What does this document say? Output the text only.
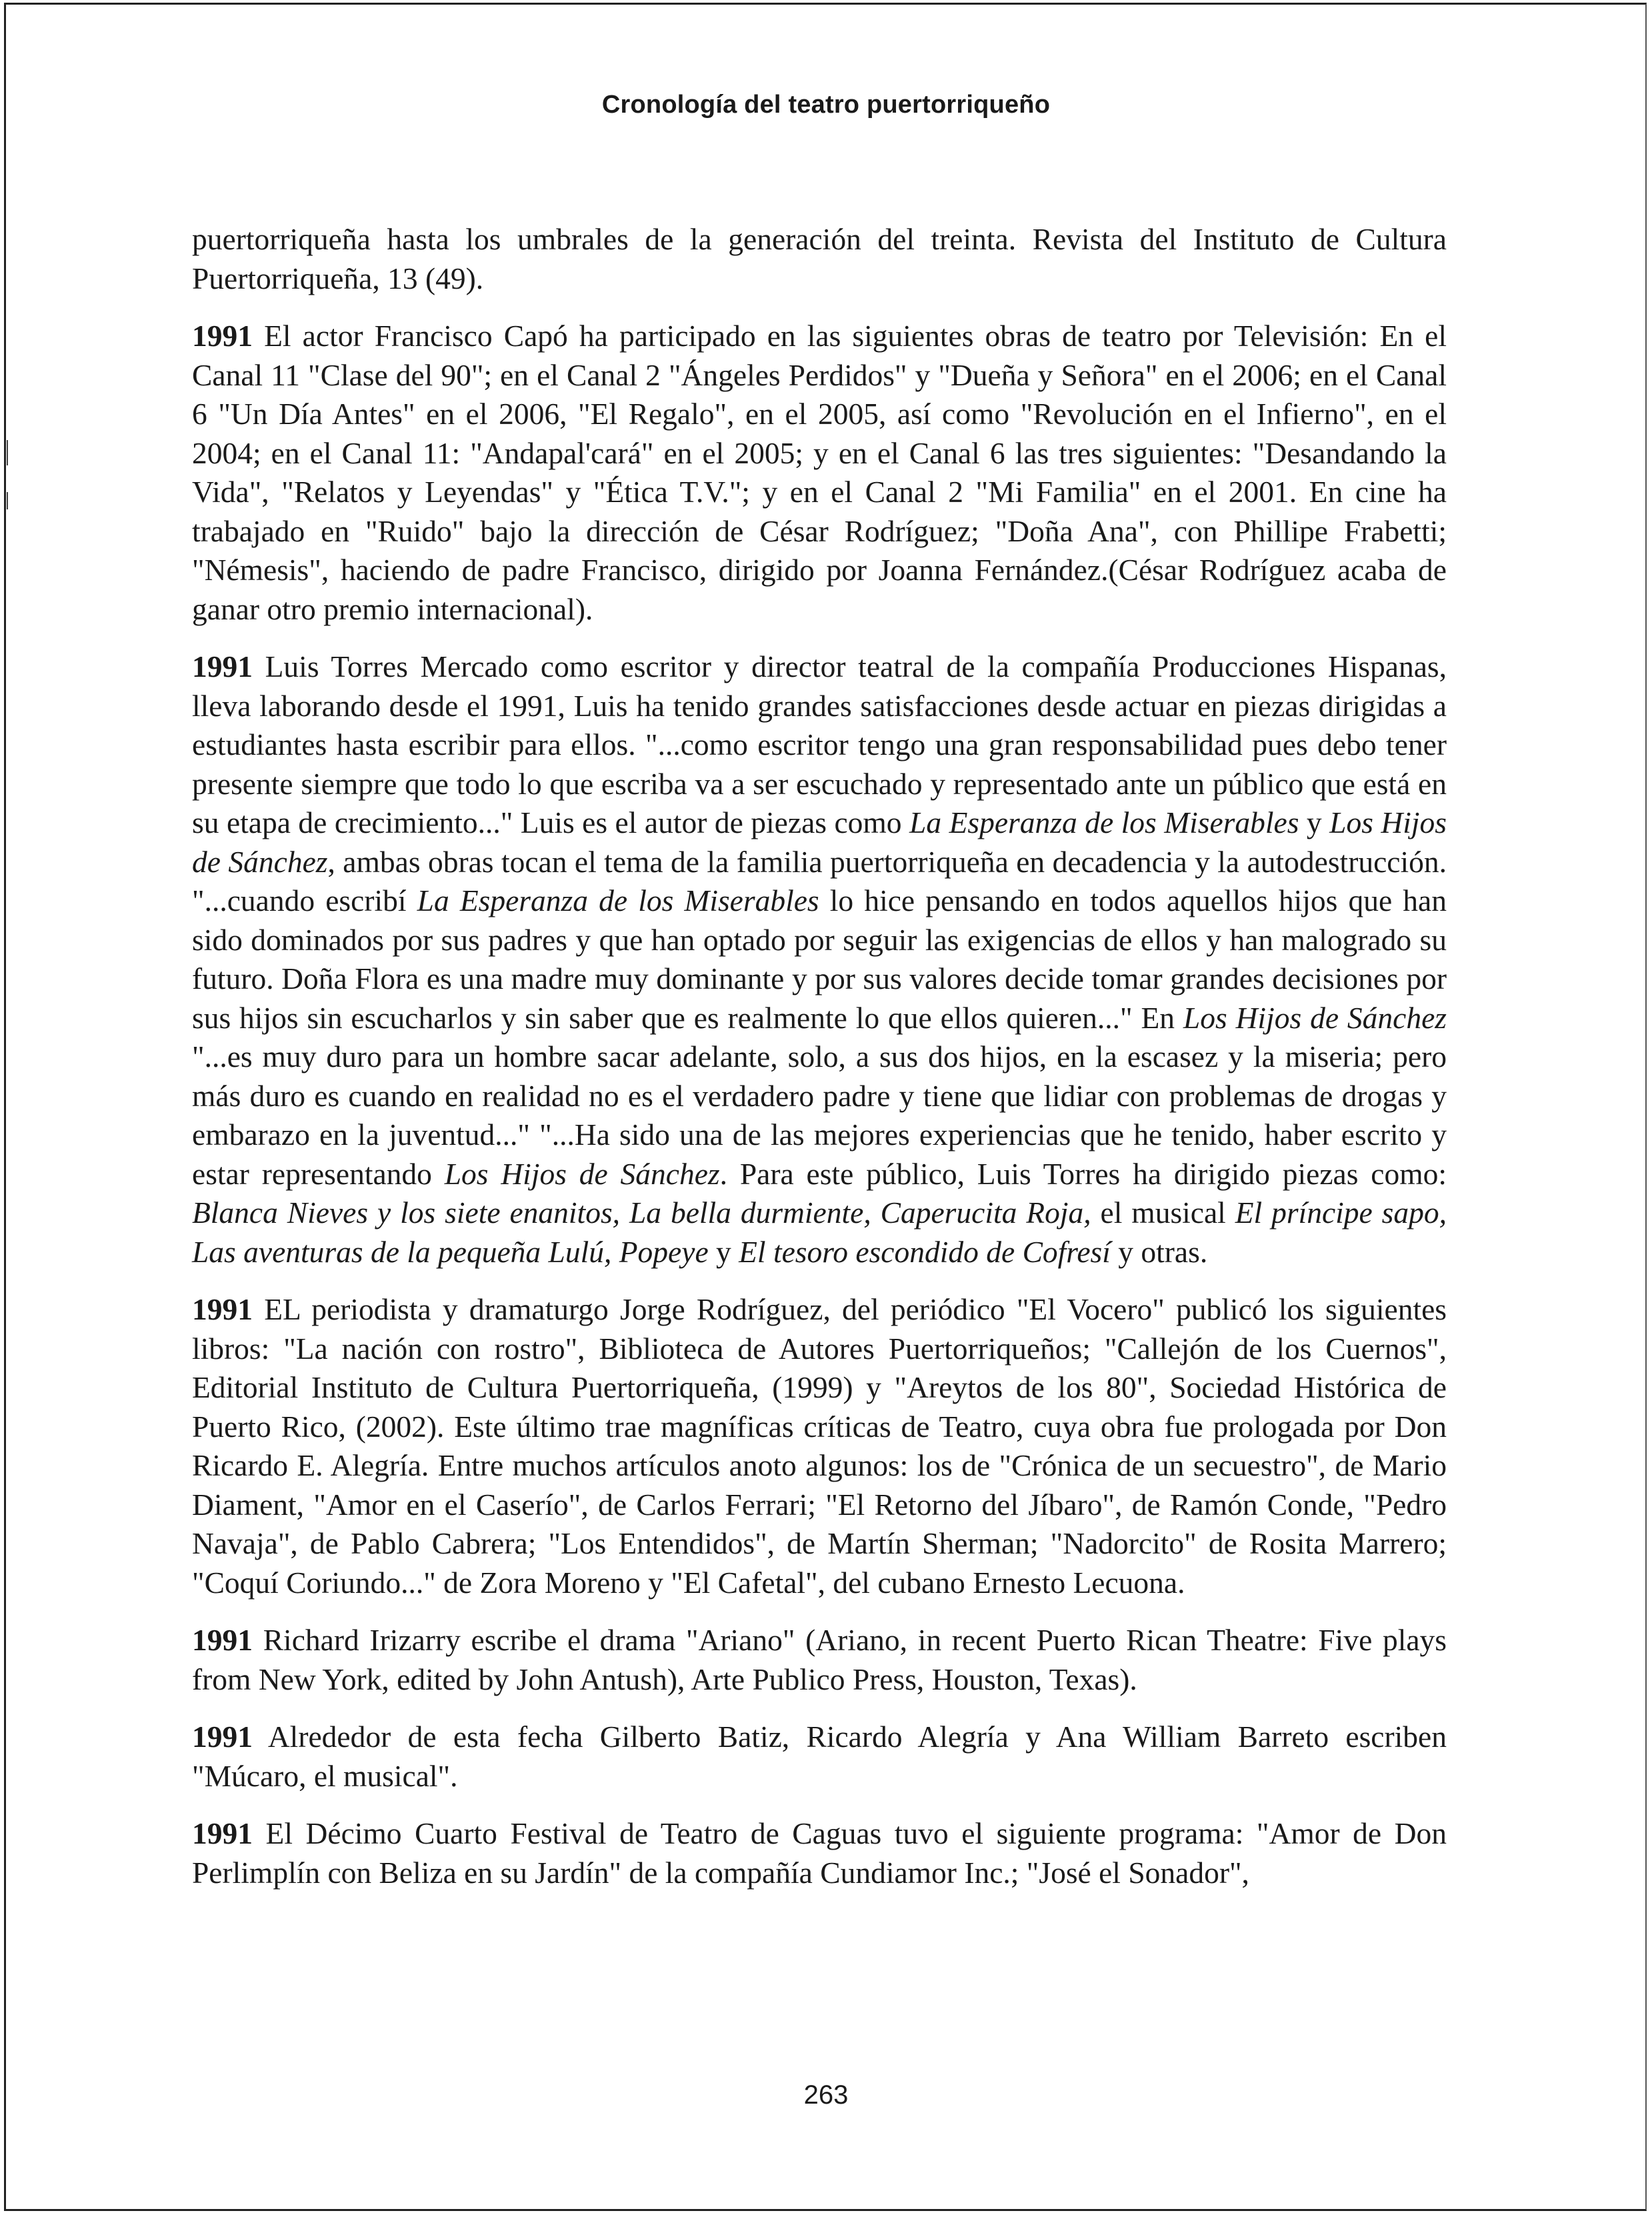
Cronología del teatro puertorriqueño

puertorriqueña hasta los umbrales de la generación del treinta. Revista del Instituto de Cultura Puertorriqueña, 13 (49).

1991 El actor Francisco Capó ha participado en las siguientes obras de teatro por Televisión: En el Canal 11 "Clase del 90"; en el Canal 2 "Ángeles Perdidos" y "Dueña y Señora" en el 2006; en el Canal 6 "Un Día Antes" en el 2006, "El Regalo", en el 2005, así como "Revolución en el Infierno", en el 2004; en el Canal 11: "Andapal'cará" en el 2005; y en el Canal 6 las tres siguientes: "Desandando la Vida", "Relatos y Leyendas" y "Ética T.V."; y en el Canal 2 "Mi Familia" en el 2001. En cine ha trabajado en "Ruido" bajo la dirección de César Rodríguez; "Doña Ana", con Phillipe Frabetti; "Némesis", haciendo de padre Francisco, dirigido por Joanna Fernández.(César Rodríguez acaba de ganar otro premio internacional).

1991 Luis Torres Mercado como escritor y director teatral de la compañía Producciones Hispanas, lleva laborando desde el 1991, Luis ha tenido grandes satisfacciones desde actuar en piezas dirigidas a estudiantes hasta escribir para ellos. "...como escritor tengo una gran responsabilidad pues debo tener presente siempre que todo lo que escriba va a ser escuchado y representado ante un público que está en su etapa de crecimiento..." Luis es el autor de piezas como La Esperanza de los Miserables y Los Hijos de Sánchez, ambas obras tocan el tema de la familia puertorriqueña en decadencia y la autodestrucción. "...cuando escribí La Esperanza de los Miserables lo hice pensando en todos aquellos hijos que han sido dominados por sus padres y que han optado por seguir las exigencias de ellos y han malogrado su futuro. Doña Flora es una madre muy dominante y por sus valores decide tomar grandes decisiones por sus hijos sin escucharlos y sin saber que es realmente lo que ellos quieren..." En Los Hijos de Sánchez "...es muy duro para un hombre sacar adelante, solo, a sus dos hijos, en la escasez y la miseria; pero más duro es cuando en realidad no es el verdadero padre y tiene que lidiar con problemas de drogas y embarazo en la juventud..." "...Ha sido una de las mejores experiencias que he tenido, haber escrito y estar representando Los Hijos de Sánchez. Para este público, Luis Torres ha dirigido piezas como: Blanca Nieves y los siete enanitos, La bella durmiente, Caperucita Roja, el musical El príncipe sapo, Las aventuras de la pequeña Lulú, Popeye y El tesoro escondido de Cofresí y otras.

1991 EL periodista y dramaturgo Jorge Rodríguez, del periódico "El Vocero" publicó los siguientes libros: "La nación con rostro", Biblioteca de Autores Puertorriqueños; "Callejón de los Cuernos", Editorial Instituto de Cultura Puertorriqueña, (1999) y "Areytos de los 80", Sociedad Histórica de Puerto Rico, (2002). Este último trae magníficas críticas de Teatro, cuya obra fue prologada por Don Ricardo E. Alegría. Entre muchos artículos anoto algunos: los de "Crónica de un secuestro", de Mario Diament, "Amor en el Caserío", de Carlos Ferrari; "El Retorno del Jíbaro", de Ramón Conde, "Pedro Navaja", de Pablo Cabrera; "Los Entendidos", de Martín Sherman; "Nadorcito" de Rosita Marrero; "Coquí Coriundo..." de Zora Moreno y "El Cafetal", del cubano Ernesto Lecuona.

1991 Richard Irizarry escribe el drama "Ariano" (Ariano, in recent Puerto Rican Theatre: Five plays from New York, edited by John Antush), Arte Publico Press, Houston, Texas).

1991 Alrededor de esta fecha Gilberto Batiz, Ricardo Alegría y Ana William Barreto escriben "Múcaro, el musical".

1991 El Décimo Cuarto Festival de Teatro de Caguas tuvo el siguiente programa: "Amor de Don Perlimplín con Beliza en su Jardín" de la compañía Cundiamor Inc.; "José el Sonador",

263
